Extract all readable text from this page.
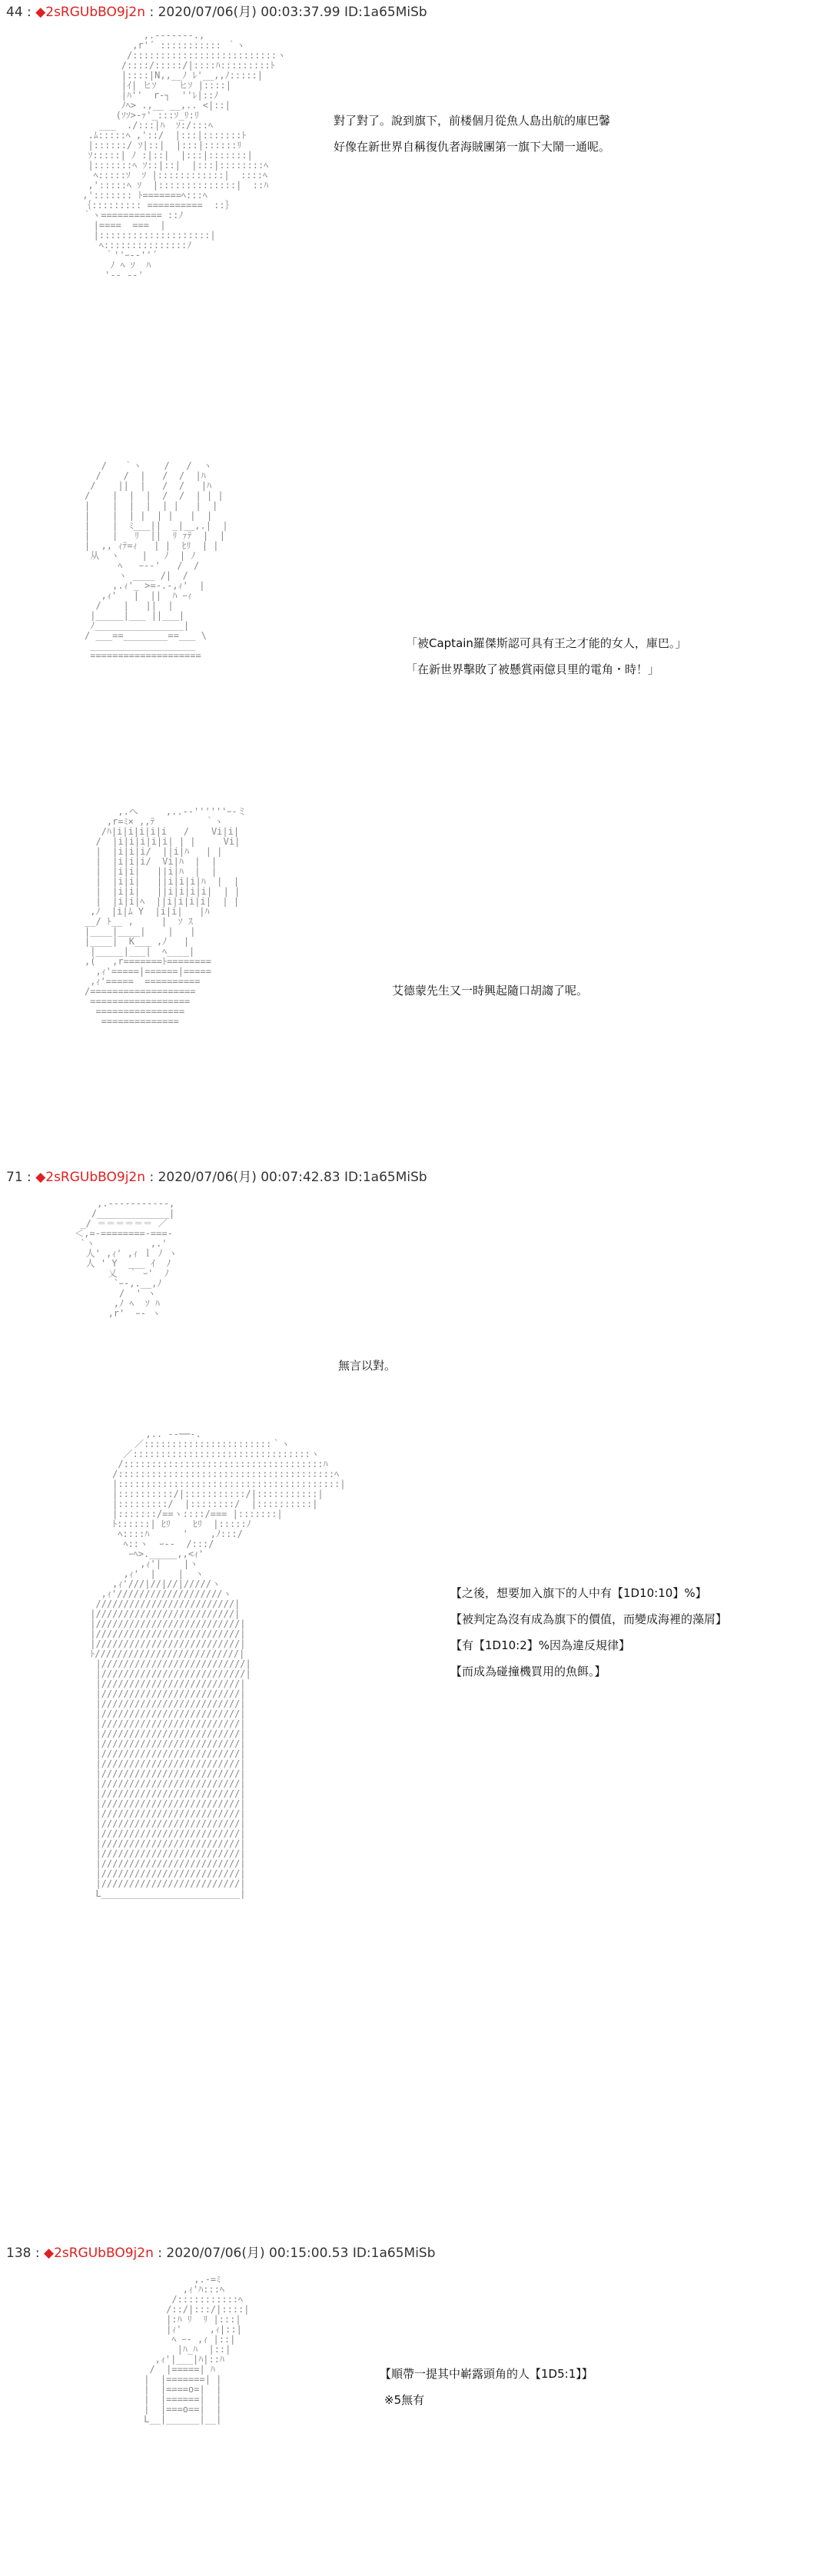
44 : ◆2sRGUbBO9j2n : 2020/07/06(月) 00:03:37.99 ID:1a65MiSb
,.-‐‐‐‐‐-.,
,r'´ ::::::::::: ｀ヽ
/::::::::::::::::::::::::::ヽ
/::::/:::::/|::::ﾊ:::::::::ﾄ
|::::|N,,__ﾉ ﾚ'__,,ﾉ:::::|
|ｲ| ヒｿ    ヒｿ |::::|
|ﾊ''  r‐┐  ''ﾚ|::ﾉ
ﾉﾍ> .,__ __,.. <|::|
(ｿｿ>-ｧ'_:::ｿ_ﾘ:ﾘ
___  ./:::|ﾊ  ｿ:/:::ﾍ
.ﾑ:::::ﾍ ,'::/  |:::|:::::::ﾄ
|::::::/ ｿ|::|  |:::|::::::ﾘ
ｿ:::::| ﾉ :|::|  |:::|:::::::|
|:::::::ﾍ ｿ::|::|  |:::|::::::::ﾍ
ﾍ:::::ｿ  ｿ |::::::::::::|  ::::ﾍ
,':::::ﾍ ｿ  |::::::::::::::|  ::ﾊ
,'::::::: ﾄ=======ﾍ:::ﾍ
｛::::::::: ==========  ::｝
｀ヽ=========== ::ﾉ
|====  ===  |
|::::::::::::::::::::|
ﾍ:::::::::::::::ﾉ
｀''ｰ-‐''´
ﾉ ﾍ ｿ  ﾊ
'-- --'
對了對了。說到旗下，前楼個月從魚人島出航的庫巴馨
好像在新世界自稱復仇者海賊團第一旗下大鬧一通呢。
/   ｀ヽ    /   /  ヽ
/    /  |   /  /  |ﾊ
/    ||  |   /  /   |ﾊ
/    |  |  |  /  /  | | |
|    |  |  |  | |   |  |
|    |  | |  | |   |  |
|    |  ﾐ___||  _|__,.|  |
|    |   ﾘ  ||  ﾘ ｧﾃ  |  |
|  ,, ｨﾃ=ｨ   | |  ﾋﾘ  | |
从  ヽ    |   ﾉ  | ﾉ
ﾍ   ｰ-‐'   /  /
ヽ ____ /|  /
,.ｨ'_ >=-.-,ｨ'  |
,ｨ'   |  ||  ﾊ ｰｨ
/    |   ||  |
|_____|___ ||___|
ﾉ________________|
/ ___==________==___ \
___________________
====================
「被Captain羅傑斯認可具有王之才能的女人，庫巴。」
「在新世界擊敗了被懸賞兩億貝里的電角・時！」
,.へ     ,..-‐''''''ｰ-ミ
,r=ﾐ× ,,ﾃ         ｀ヽ
/ﾊ|i|i|i|i|i   /    Vi|i|
/  |i|i|i|i|i| | |     Vi|
|  |i|i|i/  ||i|ﾊ   | |
|  |i|i|i/  Vi|ﾊ  |  |
|  |i|i|   ||i|ﾊ  |  |
|  |i|i|   ||i|i|i|ﾊ  |  |
|  |i|i|   ||i|i|i|i|  | |
|  |i|i|ﾍ  ||i|i|i|i|  | |
,ﾉ  |i|ﾑ Y  |i|i|   |ﾊ
__/ ﾄ__ ,     |  ｿ ｽ
|____|____|    |   |
|____|  K___ ,ﾉ   |
|_____|___|  ﾍ____|
,(   ,r=======ﾄ========
,ｨ'=====|======|=====
,ｨ'=====  ==========
/===================
==================
================
==============
艾德蒙先生又一時興起隨口胡謅了呢。
71 : ◆2sRGUbBO9j2n : 2020/07/06(月) 00:07:42.83 ID:1a65MiSb
,.-‐‐‐‐‐‐‐‐‐-,
/_____________|
_/ ＝＝＝＝＝＝ ／
＜,=-========-===-
`ヽ          ,.'
人' ,ｨ' ,ｨ ｌ ﾉ ヽ
人 ' Y  ___ ｲ  ﾉ
乂  ｀ ｰ'  ﾉ
`ｰ-,.__,ﾉ
/  ' ヽ
,ﾉ ﾍ  ｿ ﾊ
,r'  ｰ- ヽ
無言以對。
,.. -‐──-.
／:::::::::::::::::::::::｀ヽ
／::::::::::::::::::::::::::::::::ヽ
/::::::::::::::::::::::::::::::::::::ﾊ
/:::::::::::::::::::::::::::::::::::::::ﾍ
|::::::::::::::::::::::::::::::::::::::::|
|::::::::::/|:::::::::::/|:::::::::::|
|:::::::::/  |::::::::/  |::::::::::|
|:::::::/==ヽ::::/=== |:::::::|
ﾄ::::::| ﾋﾘ    ﾋﾘ  |:::::ﾉ
ﾍ::::ﾊ      '    ,ﾉ:::/
ﾍ::ヽ  ｰ‐-  /:::/
ｰﾍ>._____,,<ｨ'
,ｨ'|    |ヽ
,ｨ'  |    |  ヽ
,ｨ'///|//|//|/////ヽ
,ｨ'///////////////////ヽ
/////////////////////////|
|/////////////////////////|
|//////////////////////////|
|//////////////////////////|
|//////////////////////////|
ﾄ//////////////////////////|
|//////////////////////////|
|//////////////////////////|
|/////////////////////////|
|/////////////////////////|
|/////////////////////////|
|/////////////////////////|
|/////////////////////////|
|/////////////////////////|
|/////////////////////////|
|/////////////////////////|
|/////////////////////////|
|/////////////////////////|
|/////////////////////////|
|/////////////////////////|
|/////////////////////////|
|/////////////////////////|
|/////////////////////////|
|/////////////////////////|
|/////////////////////////|
|/////////////////////////|
|/////////////////////////|
|/////////////////////////|
|/////////////////////////|
L_________________________|
【之後，想要加入旗下的人中有【1D10:10】%】
【被判定為沒有成為旗下的價值，而變成海裡的藻屑】
【有【1D10:2】%因為違反規律】
【而成為碰撞機買用的魚餌。】
138 : ◆2sRGUbBO9j2n : 2020/07/06(月) 00:15:00.53 ID:1a65MiSb
,.-=ﾐ
,ｨ'ﾊ:::ﾍ
/:::::::::::ﾍ
/::/|:::/|::::|
|:ﾊ ﾘ  ﾘ |:::|
|ｨ'     ,ｨ|::|
ﾍ ｰ- ,ｨ |::|
|ﾊ_ﾊ  |::|
,ｨ'|___|ﾊ|::ﾊ
/  |=====| ﾊ
|  |=======| |
|  |====o=|  |
|  |======|  |
|  |===o==|  |
L__|______|__|
【順帶一提其中嶄露頭角的人【1D5:1】】
※5無有
